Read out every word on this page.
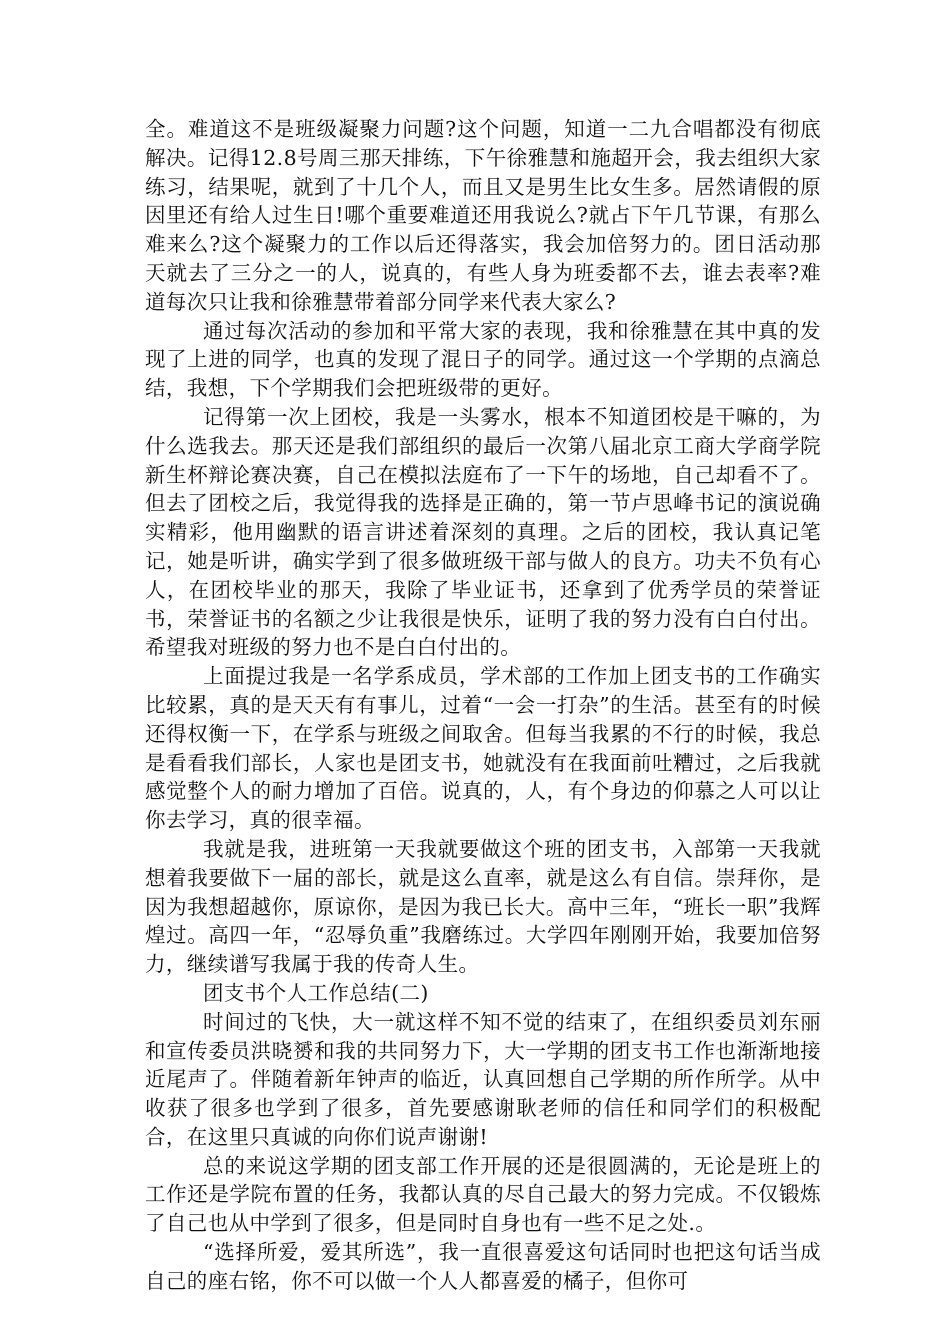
全。难道这不是班级凝聚力问题?这个问题，知道一二九合唱都没有彻底解决。记得12.8号周三那天排练，下午徐雅慧和施超开会，我去组织大家练习，结果呢，就到了十几个人，而且又是男生比女生多。居然请假的原因里还有给人过生日!哪个重要难道还用我说么?就占下午几节课，有那么难来么?这个凝聚力的工作以后还得落实，我会加倍努力的。团日活动那天就去了三分之一的人，说真的，有些人身为班委都不去，谁去表率?难道每次只让我和徐雅慧带着部分同学来代表大家么?

通过每次活动的参加和平常大家的表现，我和徐雅慧在其中真的发现了上进的同学，也真的发现了混日子的同学。通过这一个学期的点滴总结，我想，下个学期我们会把班级带的更好。

记得第一次上团校，我是一头雾水，根本不知道团校是干嘛的，为什么选我去。那天还是我们部组织的最后一次第八届北京工商大学商学院新生杯辩论赛决赛，自己在模拟法庭布了一下午的场地，自己却看不了。但去了团校之后，我觉得我的选择是正确的，第一节卢思峰书记的演说确实精彩，他用幽默的语言讲述着深刻的真理。之后的团校，我认真记笔记，她是听讲，确实学到了很多做班级干部与做人的良方。功夫不负有心人，在团校毕业的那天，我除了毕业证书，还拿到了优秀学员的荣誉证书，荣誉证书的名额之少让我很是快乐，证明了我的努力没有白白付出。希望我对班级的努力也不是白白付出的。

上面提过我是一名学系成员，学术部的工作加上团支书的工作确实比较累，真的是天天有有事儿，过着“一会一打杂”的生活。甚至有的时候还得权衡一下，在学系与班级之间取舍。但每当我累的不行的时候，我总是看看我们部长，人家也是团支书，她就没有在我面前吐糟过，之后我就感觉整个人的耐力增加了百倍。说真的，人，有个身边的仰慕之人可以让你去学习，真的很幸福。

我就是我，进班第一天我就要做这个班的团支书，入部第一天我就想着我要做下一届的部长，就是这么直率，就是这么有自信。崇拜你，是因为我想超越你，原谅你，是因为我已长大。高中三年，“班长一职”我辉煌过。高四一年，“忍辱负重”我磨练过。大学四年刚刚开始，我要加倍努力，继续谱写我属于我的传奇人生。

团支书个人工作总结(二)

时间过的飞快，大一就这样不知不觉的结束了，在组织委员刘东丽和宣传委员洪晓赟和我的共同努力下，大一学期的团支书工作也渐渐地接近尾声了。伴随着新年钟声的临近，认真回想自己学期的所作所学。从中收获了很多也学到了很多，首先要感谢耿老师的信任和同学们的积极配合，在这里只真诚的向你们说声谢谢!

总的来说这学期的团支部工作开展的还是很圆满的，无论是班上的工作还是学院布置的任务，我都认真的尽自己最大的努力完成。不仅锻炼了自己也从中学到了很多，但是同时自身也有一些不足之处.。

“选择所爱，爱其所选”，我一直很喜爱这句话同时也把这句话当成自己的座右铭，你不可以做一个人人都喜爱的橘子，但你可
